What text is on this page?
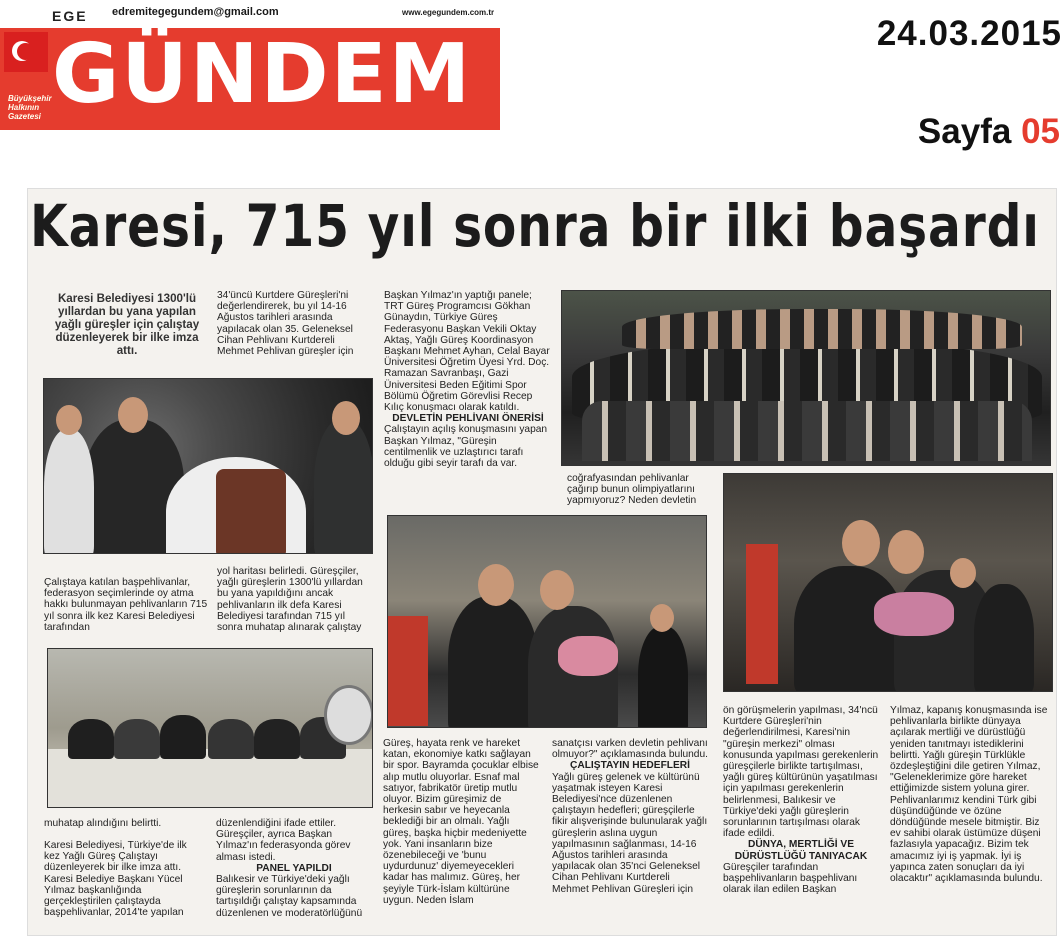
EGE edremitegegundem@gmail.com	www.egegundem.com.tr
GÜNDEM
Büyükşehir
Halkının
Gazetesi
24.03.2015
Sayfa 05
Karesi, 715 yıl sonra bir ilki başardı
Karesi Belediyesi 1300'lü yıllardan bu yana yapılan yağlı güreşler için çalıştay düzenleyerek bir ilke imza attı.
34'üncü Kurtdere Güreşleri'ni değerlendirerek, bu yıl 14-16 Ağustos tarihleri arasında yapılacak olan 35. Geleneksel Cihan Pehlivanı Kurtdereli Mehmet Pehlivan güreşler için
Çalıştaya katılan başpehlivanlar, federasyon seçimlerinde oy atma hakkı bulunmayan pehlivanların 715 yıl sonra ilk kez Karesi Belediyesi tarafından
yol haritası belirledi. Güreşçiler, yağlı güreşlerin 1300'lü yıllardan bu yana yapıldığını ancak pehlivanların ilk defa Karesi Belediyesi tarafından 715 yıl sonra muhatap alınarak çalıştay
muhatap alındığını belirtti.
Karesi Belediyesi, Türkiye'de ilk kez Yağlı Güreş Çalıştayı düzenleyerek bir ilke imza attı. Karesi Belediye Başkanı Yücel Yılmaz başkanlığında gerçekleştirilen çalıştayda başpehlivanlar, 2014'te yapılan
düzenlendiğini ifade ettiler. Güreşçiler, ayrıca Başkan Yılmaz'ın federasyonda görev alması istedi.
PANEL YAPILDI
Balıkesir ve Türkiye'deki yağlı güreşlerin sorunlarının da tartışıldığı çalıştay kapsamında düzenlenen ve moderatörlüğünü
Başkan Yılmaz'ın yaptığı panele; TRT Güreş Programcısı Gökhan Günaydın, Türkiye Güreş Federasyonu Başkan Vekili Oktay Aktaş, Yağlı Güreş Koordinasyon Başkanı Mehmet Ayhan, Celal Bayar Üniversitesi Öğretim Üyesi Yrd. Doç. Ramazan Savranbaşı, Gazi Üniversitesi Beden Eğitimi Spor Bölümü Öğretim Görevlisi Recep Kılıç konuşmacı olarak katıldı.
DEVLETİN PEHLİVANI ÖNERİSİ
Çalıştayın açılış konuşmasını yapan Başkan Yılmaz, "Güreşin centilmenlik ve uzlaştırıcı tarafı olduğu gibi seyir tarafı da var.
coğrafyasından pehlivanlar çağırıp bunun olimpiyatlarını yapmıyoruz? Neden devletin
Güreş, hayata renk ve hareket katan, ekonomiye katkı sağlayan bir spor. Bayramda çocuklar elbise alıp mutlu oluyorlar. Esnaf mal satıyor, fabrikatör üretip mutlu oluyor. Bizim güreşimiz de herkesin sabır ve heyecanla beklediği bir an olmalı. Yağlı güreş, başka hiçbir medeniyette yok. Yani insanların bize özenebileceği ve 'bunu uydurdunuz' diyemeyecekleri kadar has malımız. Güreş, her şeyiyle Türk-İslam kültürüne uygun. Neden İslam
sanatçısı varken devletin pehlivanı olmuyor?" açıklamasında bulundu.
ÇALIŞTAYIN HEDEFLERİ
Yağlı güreş gelenek ve kültürünü yaşatmak isteyen Karesi Belediyesi'nce düzenlenen çalıştayın hedefleri; güreşçilerle fikir alışverişinde bulunularak yağlı güreşlerin aslına uygun yapılmasının sağlanması, 14-16 Ağustos tarihleri arasında yapılacak olan 35'nci Geleneksel Cihan Pehlivanı Kurtdereli Mehmet Pehlivan Güreşleri için
ön görüşmelerin yapılması, 34'ncü Kurtdere Güreşleri'nin değerlendirilmesi, Karesi'nin "güreşin merkezi" olması konusunda yapılması gerekenlerin güreşçilerle birlikte tartışılması, yağlı güreş kültürünün yaşatılması için yapılması gerekenlerin belirlenmesi, Balıkesir ve Türkiye'deki yağlı güreşlerin sorunlarının tartışılması olarak ifade edildi.
DÜNYA, MERTLİĞİ VE DÜRÜSTLÜĞÜ TANIYACAK
Güreşçiler tarafından başpehlivanların başpehlivanı olarak ilan edilen Başkan
Yılmaz, kapanış konuşmasında ise pehlivanlarla birlikte dünyaya açılarak mertliği ve dürüstlüğü yeniden tanıtmayı istediklerini belirtti. Yağlı güreşin Türklükle özdeşleştiğini dile getiren Yılmaz, "Geleneklerimize göre hareket ettiğimizde sistem yoluna girer. Pehlivanlarımız kendini Türk gibi düşündüğünde ve özüne döndüğünde mesele bitmiştir. Biz ev sahibi olarak üstümüze düşeni fazlasıyla yapacağız. Bizim tek amacımız iyi iş yapmak. İyi iş yapınca zaten sonuçları da iyi olacaktır" açıklamasında bulundu.
